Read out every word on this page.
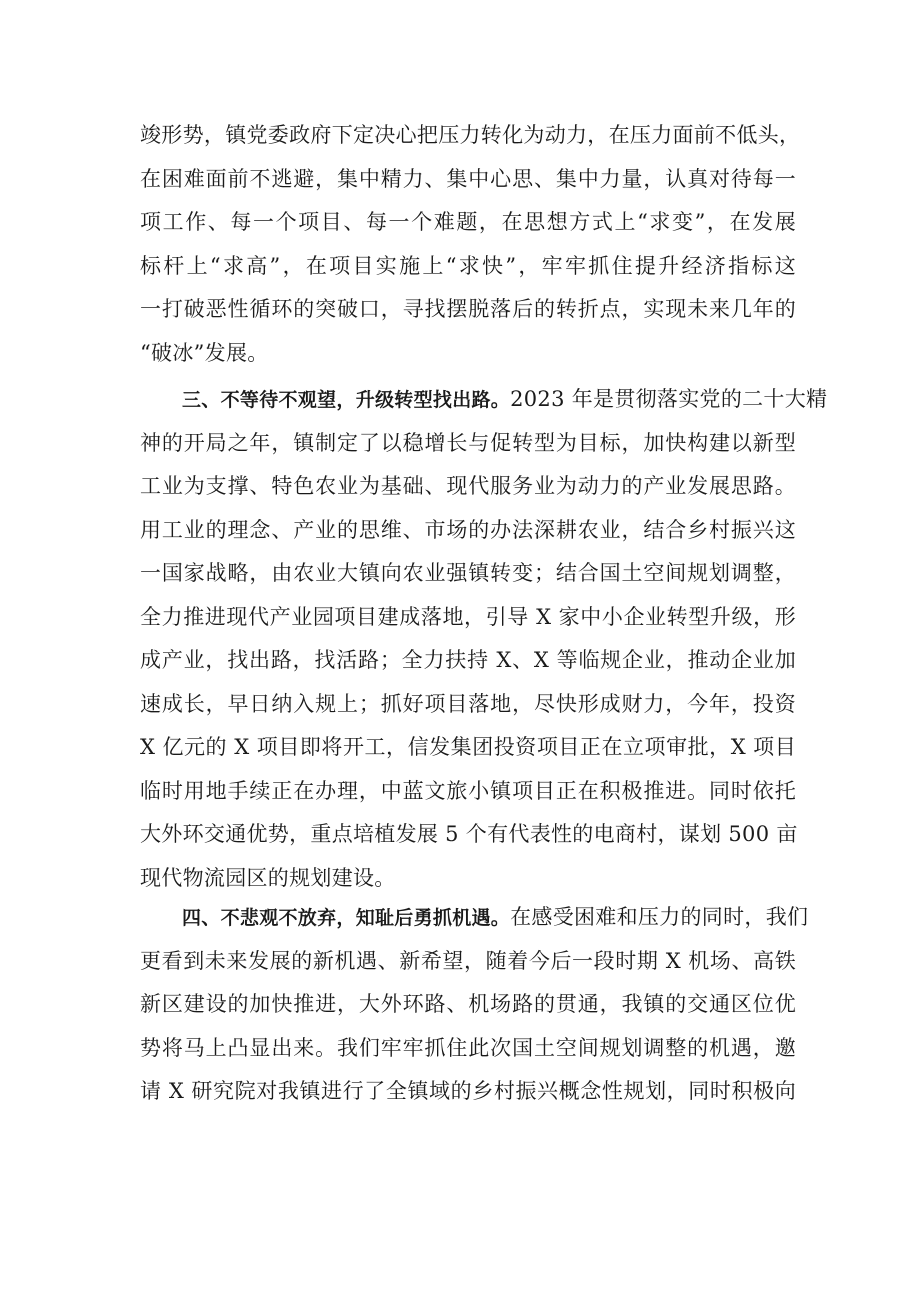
竣形势，镇党委政府下定决心把压力转化为动力，在压力面前不低头，
在困难面前不逃避，集中精力、集中心思、集中力量，认真对待每一
项工作、每一个项目、每一个难题，在思想方式上“求变”，在发展
标杆上“求高”，在项目实施上“求快”，牢牢抓住提升经济指标这
一打破恶性循环的突破口，寻找摆脱落后的转折点，实现未来几年的
“破冰”发展。
三、不等待不观望，升级转型找出路。2023 年是贯彻落实党的二十大精
神的开局之年，镇制定了以稳增长与促转型为目标，加快构建以新型
工业为支撑、特色农业为基础、现代服务业为动力的产业发展思路。
用工业的理念、产业的思维、市场的办法深耕农业，结合乡村振兴这
一国家战略，由农业大镇向农业强镇转变；结合国土空间规划调整，
全力推进现代产业园项目建成落地，引导 X 家中小企业转型升级，形
成产业，找出路，找活路；全力扶持 X、X 等临规企业，推动企业加
速成长，早日纳入规上；抓好项目落地，尽快形成财力，今年，投资
X 亿元的 X 项目即将开工，信发集团投资项目正在立项审批，X 项目
临时用地手续正在办理，中蓝文旅小镇项目正在积极推进。同时依托
大外环交通优势，重点培植发展 5 个有代表性的电商村，谋划 500 亩
现代物流园区的规划建设。
四、不悲观不放弃，知耻后勇抓机遇。在感受困难和压力的同时，我们
更看到未来发展的新机遇、新希望，随着今后一段时期 X 机场、高铁
新区建设的加快推进，大外环路、机场路的贯通，我镇的交通区位优
势将马上凸显出来。我们牢牢抓住此次国土空间规划调整的机遇，邀
请 X 研究院对我镇进行了全镇域的乡村振兴概念性规划，同时积极向
